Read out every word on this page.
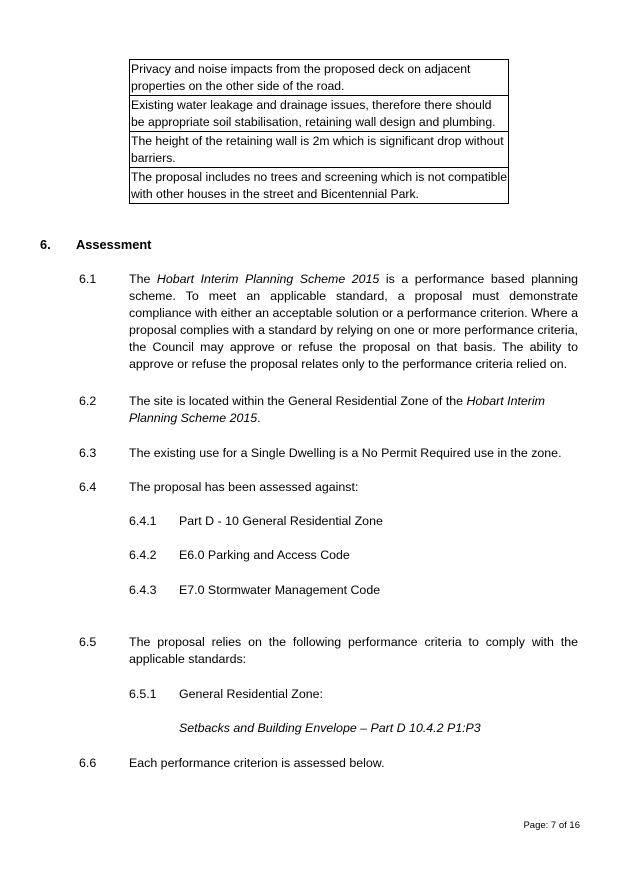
Privacy and noise impacts from the proposed deck on adjacent properties on the other side of the road.
Existing water leakage and drainage issues, therefore there should be appropriate soil stabilisation, retaining wall design and plumbing.
The height of the retaining wall is 2m which is significant drop without barriers.
The proposal includes no trees and screening which is not compatible with other houses in the street and Bicentennial Park.
6. Assessment
6.1	The Hobart Interim Planning Scheme 2015 is a performance based planning scheme. To meet an applicable standard, a proposal must demonstrate compliance with either an acceptable solution or a performance criterion. Where a proposal complies with a standard by relying on one or more performance criteria, the Council may approve or refuse the proposal on that basis. The ability to approve or refuse the proposal relates only to the performance criteria relied on.
6.2	The site is located within the General Residential Zone of the Hobart Interim Planning Scheme 2015.
6.3	The existing use for a Single Dwelling is a No Permit Required use in the zone.
6.4	The proposal has been assessed against:
6.4.1 Part D - 10 General Residential Zone
6.4.2 E6.0 Parking and Access Code
6.4.3 E7.0 Stormwater Management Code
6.5	The proposal relies on the following performance criteria to comply with the applicable standards:
6.5.1 General Residential Zone:
Setbacks and Building Envelope – Part D 10.4.2 P1:P3
6.6	Each performance criterion is assessed below.
Page: 7 of 16
